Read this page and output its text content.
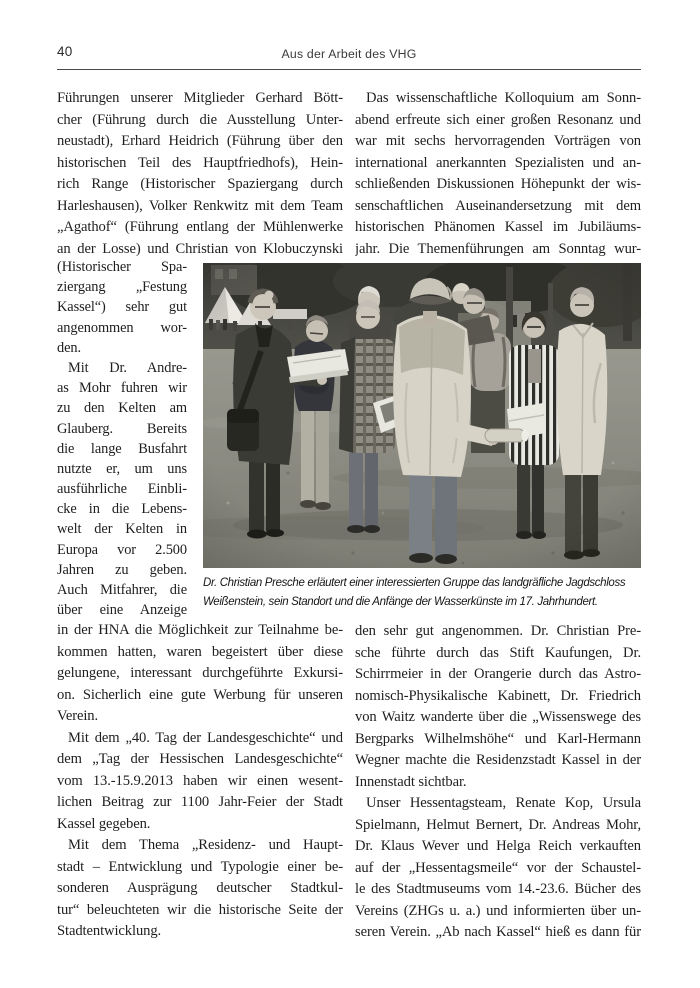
40	Aus der Arbeit des VHG
Führungen unserer Mitglieder Gerhard Bött-
cher (Führung durch die Ausstellung Unter-
neustadt), Erhard Heidrich (Führung über den
historischen Teil des Hauptfriedhofs), Hein-
rich Range (Historischer Spaziergang durch
Harleshausen), Volker Renkwitz mit dem Team
„Agathof“ (Führung entlang der Mühlenwerke
an der Losse) und Christian von Klobuczynski
(Historischer Spa-
ziergang „Festung
Kassel“) sehr gut
angenommen wor-
den.
Mit Dr. Andre-
as Mohr fuhren wir
zu den Kelten am
Glauberg. Bereits
die lange Busfahrt
nutzte er, um uns
ausführliche Einbli-
cke in die Lebens-
welt der Kelten in
Europa vor 2.500
Jahren zu geben.
Auch Mitfahrer, die
über eine Anzeige
in der HNA die Möglichkeit zur Teilnahme be-
kommen hatten, waren begeistert über diese
gelungene, interessant durchgeführte Exkursi-
on. Sicherlich eine gute Werbung für unseren
Verein.
Mit dem „40. Tag der Landesgeschichte“ und
dem „Tag der Hessischen Landesgeschichte“
vom 13.-15.9.2013 haben wir einen wesent-
lichen Beitrag zur 1100 Jahr-Feier der Stadt
Kassel gegeben.
Mit dem Thema „Residenz- und Haupt-
stadt – Entwicklung und Typologie einer be-
sonderen Ausprägung deutscher Stadtkul-
tur“ beleuchteten wir die historische Seite der
Stadtentwicklung.
Das wissenschaftliche Kolloquium am Sonn-
abend erfreute sich einer großen Resonanz und
war mit sechs hervorragenden Vorträgen von
international anerkannten Spezialisten und an-
schließenden Diskussionen Höhepunkt der wis-
senschaftlichen Auseinandersetzung mit dem
historischen Phänomen Kassel im Jubiläums-
jahr. Die Themenführungen am Sonntag wur-
den sehr gut angenommen. Dr. Christian Pre-
sche führte durch das Stift Kaufungen, Dr.
Schirrmeier in der Orangerie durch das Astro-
nomisch-Physikalische Kabinett, Dr. Friedrich
von Waitz wanderte über die „Wissenswege des
Bergparks Wilhelmshöhe“ und Karl-Hermann
Wegner machte die Residenzstadt Kassel in der
Innenstadt sichtbar.
Unser Hessentagsteam, Renate Kop, Ursula
Spielmann, Helmut Bernert, Dr. Andreas Mohr,
Dr. Klaus Wever und Helga Reich verkauften
auf der „Hessentagsmeile“ vor der Schaustel-
le des Stadtmuseums vom 14.-23.6. Bücher des
Vereins (ZHGs u. a.) und informierten über un-
seren Verein. „Ab nach Kassel“ hieß es dann für
Dr. Christian Presche erläutert einer interessierten Gruppe das landgräfliche Jagdschloss
Weißenstein, sein Standort und die Anfänge der Wasserkünste im 17. Jahrhundert.
